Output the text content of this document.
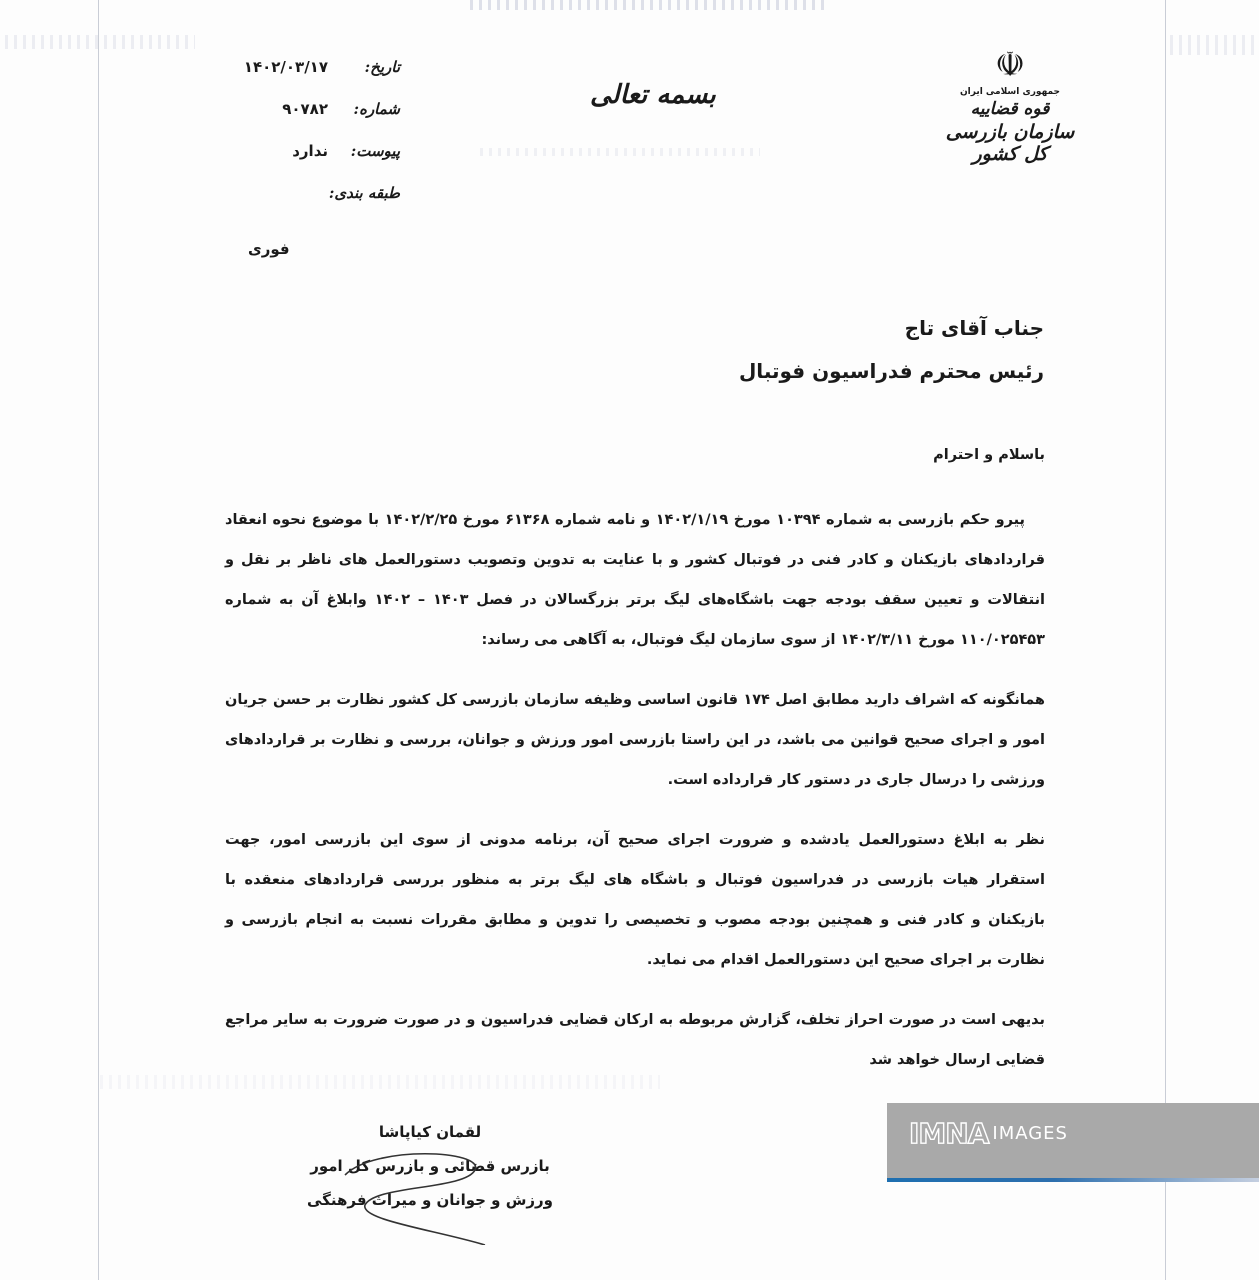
تاریخ:
۱۴۰۲/۰۳/۱۷
شماره:
۹۰۷۸۲
پیوست:
ندارد
طبقه بندی:
فوری
بسمه تعالی
☫
جمهوری اسلامی ایران
قوه قضاییه
سازمان بازرسی کل کشور
جناب آقای تاج
رئیس محترم فدراسیون فوتبال

باسلام و احترام

پیرو حکم بازرسی به شماره ۱۰۳۹۴ مورخ ۱۴۰۲/۱/۱۹ و نامه شماره ۶۱۳۶۸ مورخ ۱۴۰۲/۲/۲۵ با موضوع نحوه انعقاد قراردادهای بازیکنان و کادر فنی در فوتبال کشور و با عنایت به تدوین وتصویب دستورالعمل های ناظر بر نقل و انتقالات و تعیین سقف بودجه جهت باشگاه‌های لیگ برتر بزرگسالان در فصل ۱۴۰۳ – ۱۴۰۲ وابلاغ آن به شماره ۱۱۰/۰۲۵۴۵۳ مورخ ۱۴۰۲/۳/۱۱ از سوی سازمان لیگ فوتبال، به آگاهی می رساند:

همانگونه که اشراف دارید مطابق اصل ۱۷۴ قانون اساسی وظیفه سازمان بازرسی کل کشور نظارت بر حسن جریان امور و اجرای صحیح قوانین می باشد، در این راستا بازرسی امور ورزش و جوانان، بررسی و نظارت بر قراردادهای ورزشی را درسال جاری در دستور کار قرارداده است.

نظر به ابلاغ دستورالعمل یادشده و ضرورت اجرای صحیح آن، برنامه مدونی از سوی این بازرسی امور، جهت استقرار هیات بازرسی در فدراسیون فوتبال و باشگاه های لیگ برتر به منظور بررسی قراردادهای منعقده با بازیکنان و کادر فنی و همچنین بودجه مصوب و تخصیصی را تدوین و مطابق مقررات نسبت به انجام بازرسی و نظارت بر اجرای صحیح این دستورالعمل اقدام می نماید.

بدیهی است در صورت احراز تخلف، گزارش مربوطه به ارکان قضایی فدراسیون و در صورت ضرورت به سایر مراجع قضایی ارسال خواهد شد

لقمان کیاپاشا
بازرس قضائی و بازرس کل امور
ورزش و جوانان و میراث فرهنگی
IMNA IMAGES
